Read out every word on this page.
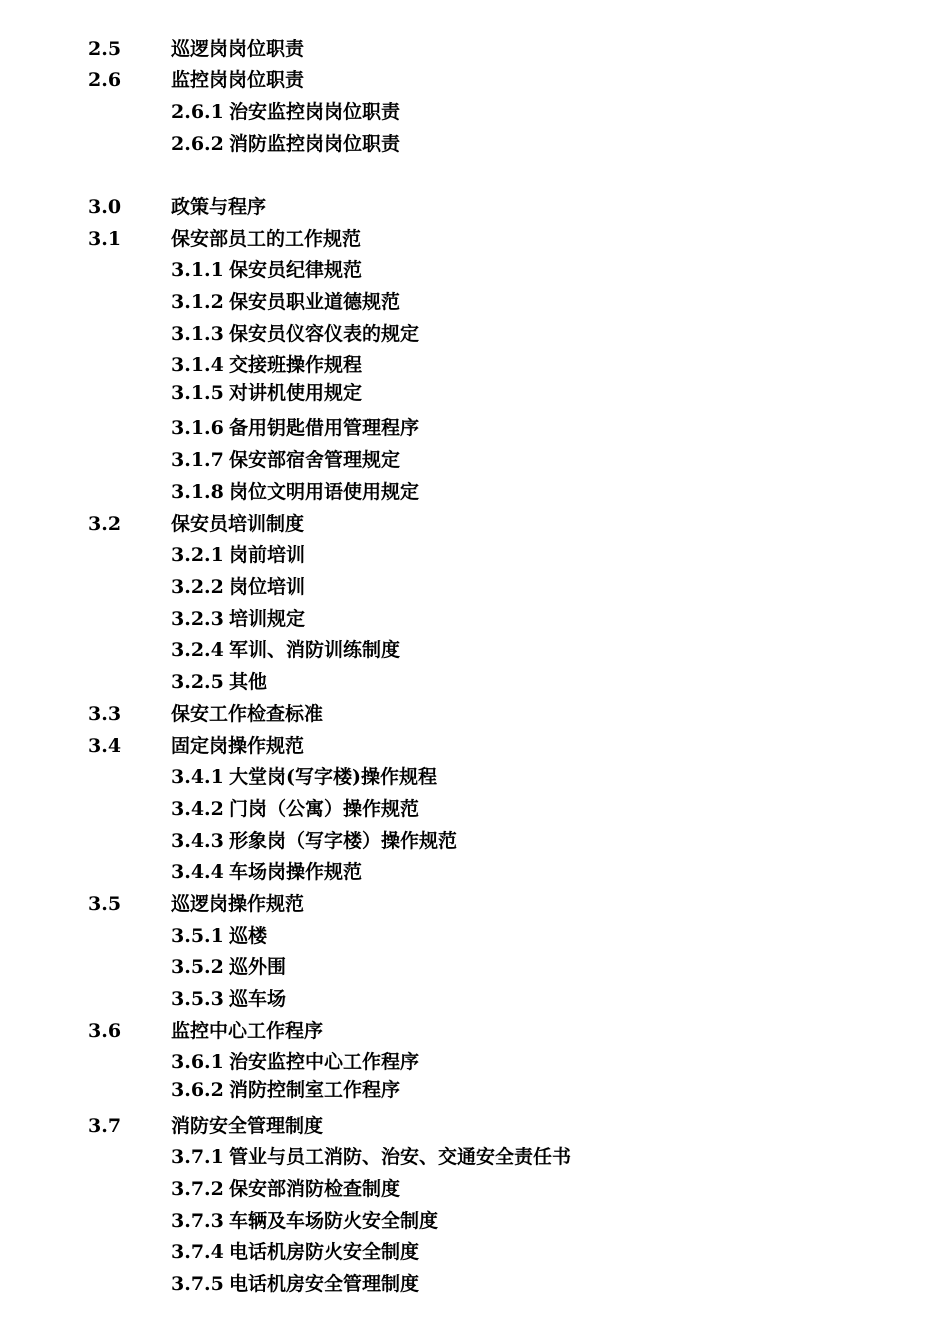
2.5	巡逻岗岗位职责
2.6	监控岗岗位职责
2.6.1 治安监控岗岗位职责
2.6.2 消防监控岗岗位职责
3.0	政策与程序
3.1	保安部员工的工作规范
3.1.1 保安员纪律规范
3.1.2 保安员职业道德规范
3.1.3 保安员仪容仪表的规定
3.1.4 交接班操作规程
3.1.5 对讲机使用规定
3.1.6 备用钥匙借用管理程序
3.1.7 保安部宿舍管理规定
3.1.8 岗位文明用语使用规定
3.2	保安员培训制度
3.2.1 岗前培训
3.2.2 岗位培训
3.2.3 培训规定
3.2.4 军训、消防训练制度
3.2.5 其他
3.3	保安工作检查标准
3.4	固定岗操作规范
3.4.1 大堂岗(写字楼)操作规程
3.4.2 门岗（公寓）操作规范
3.4.3 形象岗（写字楼）操作规范
3.4.4 车场岗操作规范
3.5	巡逻岗操作规范
3.5.1 巡楼
3.5.2 巡外围
3.5.3 巡车场
3.6	监控中心工作程序
3.6.1 治安监控中心工作程序
3.6.2 消防控制室工作程序
3.7	消防安全管理制度
3.7.1 管业与员工消防、治安、交通安全责任书
3.7.2 保安部消防检查制度
3.7.3 车辆及车场防火安全制度
3.7.4 电话机房防火安全制度
3.7.5 电话机房安全管理制度
